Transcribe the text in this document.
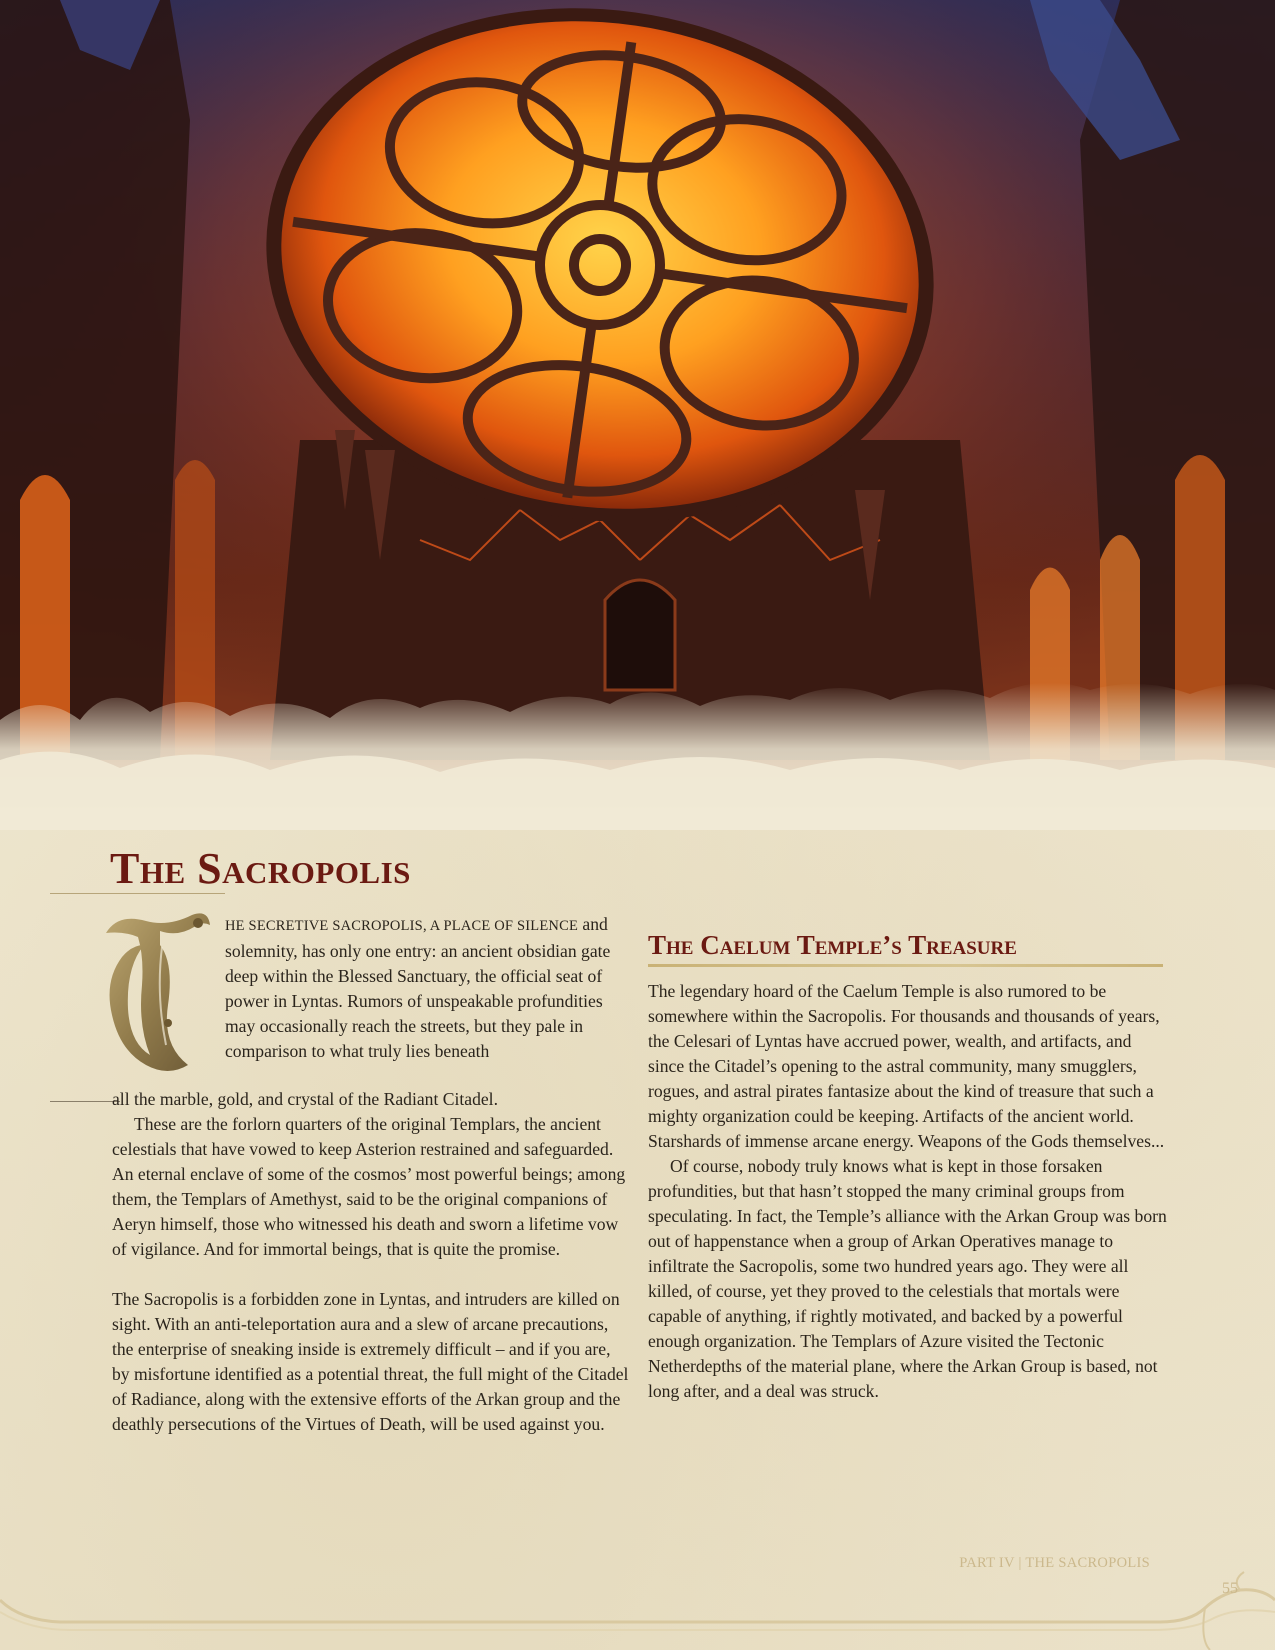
The Sacropolis

HE SECRETIVE SACROPOLIS, A PLACE OF SILENCE and solemnity, has only one entry: an ancient obsidian gate deep within the Blessed Sanctuary, the official seat of power in Lyntas. Rumors of unspeakable profundities may occasionally reach the streets, but they pale in comparison to what truly lies beneath

all the marble, gold, and crystal of the Radiant Citadel.

These are the forlorn quarters of the original Templars, the ancient celestials that have vowed to keep Asterion restrained and safeguarded. An eternal enclave of some of the cosmos’ most powerful beings; among them, the Templars of Amethyst, said to be the original companions of Aeryn himself, those who witnessed his death and sworn a lifetime vow of vigilance. And for immortal beings, that is quite the promise.

The Sacropolis is a forbidden zone in Lyntas, and intruders are killed on sight. With an anti-teleportation aura and a slew of arcane precautions, the enterprise of sneaking inside is extremely difficult – and if you are, by misfortune identified as a potential threat, the full might of the Citadel of Radiance, along with the extensive efforts of the Arkan group and the deathly persecutions of the Virtues of Death, will be used against you.

The Caelum Temple’s Treasure

The legendary hoard of the Caelum Temple is also rumored to be somewhere within the Sacropolis. For thousands and thousands of years, the Celesari of Lyntas have accrued power, wealth, and artifacts, and since the Citadel’s opening to the astral community, many smugglers, rogues, and astral pirates fantasize about the kind of treasure that such a mighty organization could be keeping. Artifacts of the ancient world. Starshards of immense arcane energy. Weapons of the Gods themselves...

Of course, nobody truly knows what is kept in those forsaken profundities, but that hasn’t stopped the many criminal groups from speculating. In fact, the Temple’s alliance with the Arkan Group was born out of happenstance when a group of Arkan Operatives manage to infiltrate the Sacropolis, some two hundred years ago. They were all killed, of course, yet they proved to the celestials that mortals were capable of anything, if rightly motivated, and backed by a powerful enough organization. The Templars of Azure visited the Tectonic Netherdepths of the material plane, where the Arkan Group is based, not long after, and a deal was struck.

PART IV | THE SACROPOLIS
55
